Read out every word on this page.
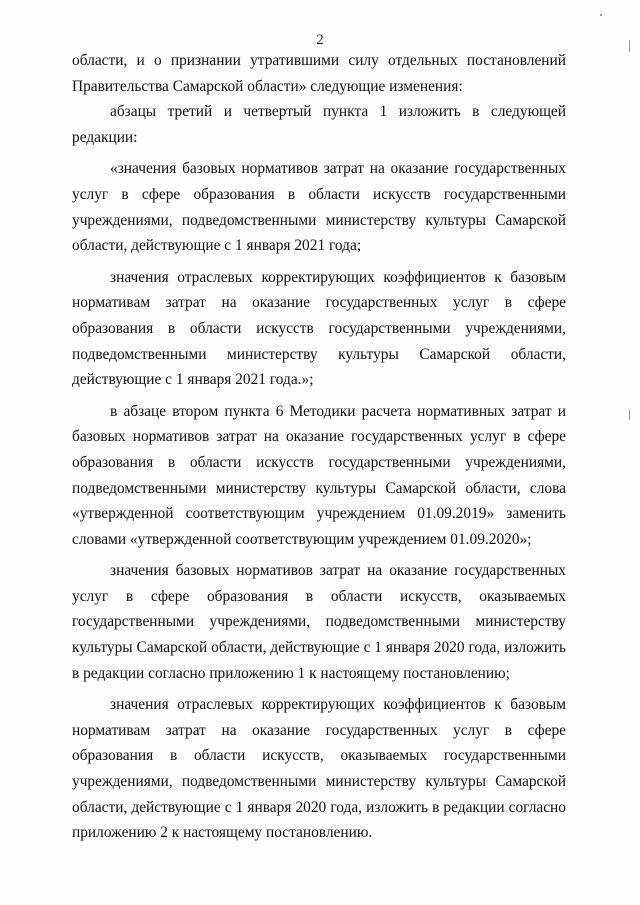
2

области, и о признании утратившими силу отдельных постановлений Правительства Самарской области» следующие изменения:

абзацы третий и четвертый пункта 1 изложить в следующей редакции:

«значения базовых нормативов затрат на оказание государственных услуг в сфере образования в области искусств государственными учреждениями, подведомственными министерству культуры Самарской области, действующие с 1 января 2021 года;

значения отраслевых корректирующих коэффициентов к базовым нормативам затрат на оказание государственных услуг в сфере образования в области искусств государственными учреждениями, подведомственными министерству культуры Самарской области, действующие с 1 января 2021 года.»;

в абзаце втором пункта 6 Методики расчета нормативных затрат и базовых нормативов затрат на оказание государственных услуг в сфере образования в области искусств государственными учреждениями, подведомственными министерству культуры Самарской области, слова «утвержденной соответствующим учреждением 01.09.2019» заменить словами «утвержденной соответствующим учреждением 01.09.2020»;

значения базовых нормативов затрат на оказание государственных услуг в сфере образования в области искусств, оказываемых государственными учреждениями, подведомственными министерству культуры Самарской области, действующие с 1 января 2020 года, изложить в редакции согласно приложению 1 к настоящему постановлению;

значения отраслевых корректирующих коэффициентов к базовым нормативам затрат на оказание государственных услуг в сфере образования в области искусств, оказываемых государственными учреждениями, подведомственными министерству культуры Самарской области, действующие с 1 января 2020 года, изложить в редакции согласно приложению 2 к настоящему постановлению.
